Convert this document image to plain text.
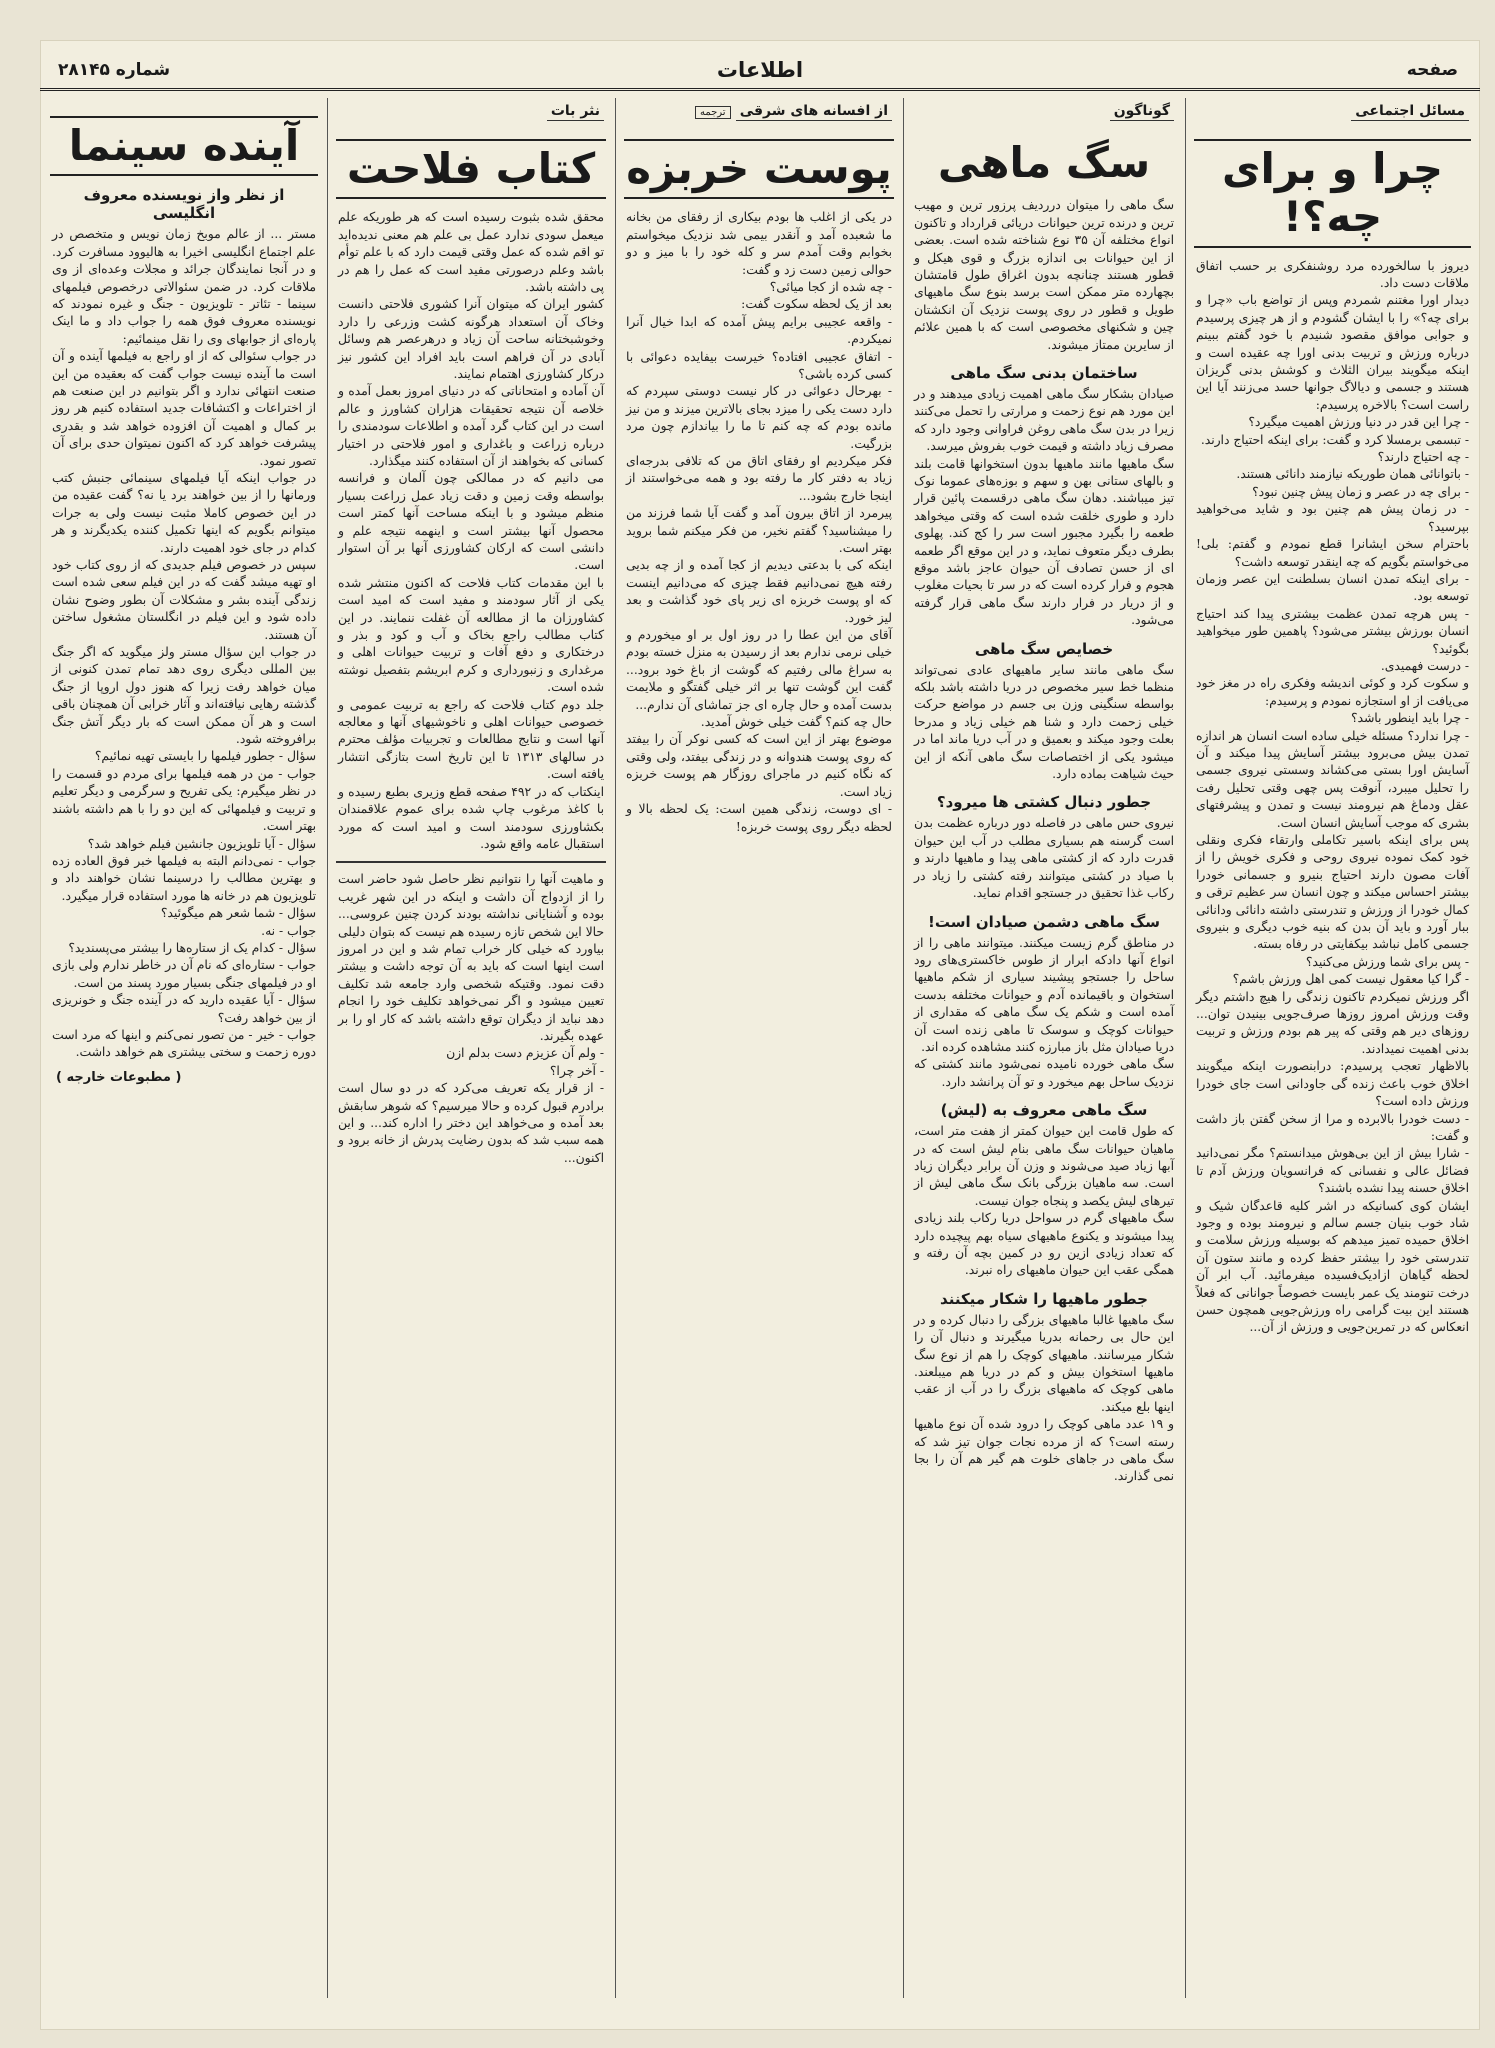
شماره ۲۸۱۴۵	اطلاعات	صفحه
مسائل اجتماعی
چرا و برای چه؟!
دیروز با سالخورده مرد روشنفکری بر حسب اتفاق ملاقات دست داد.
دیدار اورا مغتنم شمردم وپس از تواضع باب «چرا و برای چه؟» را با ایشان گشودم و از هر چیزی پرسیدم و جوابی موافق مقصود شنیدم با خود گفتم ببینم درباره ورزش و تربیت بدنی اورا چه عقیده است و اینکه میگویند بیران الثلاث و کوشش بدنی گریزان هستند و جسمی و دیالاگ جوانها حسد می‌زنند آیا این راست است؟ بالاخره پرسیدم:
- چرا این قدر در دنیا ورزش اهمیت میگیرد؟
- تبسمی برمسلا کرد و گفت: برای اینکه احتیاج دارند.
- چه احتیاج دارند؟
- باتوانائی همان طوریکه نیازمند دانائی هستند.
- برای چه در عصر و زمان پیش چنین نبود؟
- در زمان پیش هم چنین بود و شاید می‌خواهید بپرسید؟
باحترام سخن ایشانرا قطع نمودم و گفتم: بلی! می‌خواستم بگویم که چه اینقدر توسعه داشت؟
- برای اینکه تمدن انسان بسلطنت این عصر وزمان توسعه بود.
- پس هرچه تمدن عظمت بیشتری پیدا کند احتیاج انسان بورزش بیشتر می‌شود؟ پاهمین طور میخواهید بگوئید؟
- درست فهمیدی.
و سکوت کرد و کوئی اندیشه وفکری راه در مغز خود می‌یافت از او استجازه نمودم و پرسیدم:
- چرا باید اینطور باشد؟
- چرا ندارد؟ مسئله خیلی ساده است انسان هر اندازه تمدن بیش می‌برود بیشتر آسایش پیدا میکند و آن آسایش اورا بستی می‌کشاند وسستی نیروی جسمی را تحلیل میبرد، آنوقت پس چهی وقتی تحلیل رفت عقل ودماغ هم نیرومند نیست و تمدن و پیشرفتهای بشری که موجب آسایش انسان است.
پس برای اینکه باسیر تکاملی وارتقاء فکری ونقلی خود کمک نموده نیروی روحی و فکری خویش را از آفات مصون دارند احتیاج بنیرو و جسمانی خودرا بیشتر احساس میکند و چون انسان سر عظیم ترقی و کمال خودرا از ورزش و تندرستی داشته دانائی ودانائی ببار آورد و باید آن بدن که بنیه خوب دیگری و بنیروی جسمی کامل نباشد بیکفایتی در رفاه بسته.
- پس برای شما ورزش می‌کنید؟
- گرا کیا معقول نیست کمی اهل ورزش باشم؟
اگر ورزش نمیکردم تاکنون زندگی را هیچ داشتم دیگر وقت ورزش امروز روزها صرف‌جویی بینیدن توان... روزهای دیر هم وقتی که پیر هم بودم ورزش و تربیت بدنی اهمیت نمیدادند.
بالاظهار تعجب پرسیدم: درابنصورت اینکه میگویند اخلاق خوب باعث زنده گی جاودانی است جای خودرا ورزش داده است؟
- دست خودرا بالابرده و مرا از سخن گفتن باز داشت و گفت:
- شارا بیش از این بی‌هوش میدانستم؟ مگر نمی‌دانید فضائل عالی و نفسانی که فرانسویان ورزش آدم تا اخلاق حسنه پیدا نشده باشند؟
ایشان کوی کسانیکه در اشر کلیه قاعدگان شیک و شاد خوب بنیان جسم سالم و نیرومند بوده و وجود اخلاق حمیده تمیز میدهم که بوسیله ورزش سلامت و تندرستی خود را بیشتر حفظ کرده و مانند ستون آن لحظه گیاهان ازادیک‌فسیده میفرمائید. آب ابر آن درخت تنومند یک عمر بایست خصوصاً جوانانی که فعلاً هستند این بیت گرامی راه ورزش‌جویی همچون حسن انعکاس که در تمرین‌جویی و ورزش از آن...
گوناگون
سگ ماهی
سگ ماهی را میتوان درردیف پرزور ترین و مهیب ترین و درنده ترین حیوانات دریائی قرارداد و تاکنون انواع مختلفه آن ۳۵ نوع شناخته شده است. بعضی از این حیوانات بی اندازه بزرگ و قوی هیکل و قطور هستند چنانچه بدون اغراق طول قامتشان بچهارده متر ممکن است برسد بنوع سگ ماهیهای طویل و قطور در روی پوست نزدیک آن انکشتان چین و شکنهای مخصوصی است که با همین علائم از سایرین ممتاز میشوند.
ساختمان بدنی سگ ماهی
صیادان بشکار سگ ماهی اهمیت زیادی میدهند و در این مورد هم نوع زحمت و مرارتی را تحمل می‌کنند زیرا در بدن سگ ماهی روغن فراوانی وجود دارد که مصرف زیاد داشته و قیمت خوب بفروش میرسد.
سگ ماهیها مانند ماهیها بدون استخوانها قامت بلند و بالهای ستانی بهن و سهم و بوزه‌های عموما نوک تیز میباشند. دهان سگ ماهی درقسمت پائین قرار دارد و طوری خلقت شده است که وقتی میخواهد طعمه را بگیرد مجبور است سر را کج کند. پهلوی بطرف دیگر متعوف نماید، و در این موقع اگر طعمه ای از حسن تصادف آن حیوان عاجز باشد موقع هجوم و فرار کرده است که در سر تا بحیات مغلوب و از دریار در فرار دارند سگ ماهی قرار گرفته می‌شود.
خصایص سگ ماهی
سگ ماهی مانند سایر ماهیهای عادی نمی‌تواند منظما خط سیر مخصوص در دریا داشته باشد بلکه بواسطه سنگینی وزن بی جسم در مواضع حرکت خیلی زحمت دارد و شنا هم خیلی زیاد و مدرحا بعلت وجود میکند و بعمیق و در آب دریا ماند اما در میشود یکی از اختصاصات سگ ماهی آنکه از این حیث شیاهت بماده دارد.
جطور دنبال کشتی ها میرود؟
نیروی حس ماهی در فاصله دور درباره عظمت بدن است گرسنه هم بسیاری مطلب در آب این حیوان قدرت دارد که از کشتی ماهی پیدا و ماهیها دارند و با صیاد در کشتی میتوانند رفته کشتی را زیاد در رکاب غذا تحقیق در جستجو اقدام نماید.
سگ ماهی دشمن صیادان است!
در مناطق گرم زیست میکنند. میتوانند ماهی را از انواع آنها دادکه ابرار از طوس خاکستری‌های رود ساحل را جستجو پیشیند سیاری از شکم ماهیها استخوان و باقیمانده آدم و حیوانات مختلفه بدست آمده است و شکم یک سگ ماهی که مقداری از حیوانات کوچک و سوسک تا ماهی زنده است آن دریا صیادان مثل باز مبارزه کنند مشاهده کرده اند.
سگ ماهی خورده نامیده نمی‌شود مانند کشتی که نزدیک ساحل بهم میخورد و تو آن پرانشد دارد.
سگ ماهی معروف به (لیش)
که طول قامت این حیوان کمتر از هفت متر است، ماهیان حیوانات سگ ماهی بنام لیش است که در آبها زیاد صید می‌شوند و وزن آن برابر دیگران زیاد است. سه ماهیان بزرگی بانک سگ ماهی لیش از تیرهای لیش یکصد و پنجاه جوان نیست.
سگ ماهیهای گرم در سواحل دریا رکاب بلند زیادی پیدا میشوند و یکنوع ماهیهای سیاه بهم پیچیده دارد که تعداد زیادی ازین رو در کمین بچه آن رفته و همگی عقب این حیوان ماهیهای راه نبرند.
جطور ماهیها را شکار میکنند
سگ ماهیها غالبا ماهیهای بزرگی را دنبال کرده و در این حال بی رحمانه بدریا میگیرند و دنبال آن را شکار میرسانند. ماهیهای کوچک را هم از نوع سگ ماهیها استخوان بیش و کم در دریا هم میبلعند. ماهی کوچک که ماهیهای بزرگ را در آب از عقب اینها بلع میکند.
و ۱۹ عدد ماهی کوچک را درود شده آن نوع ماهیها رسته است؟ که از مرده نجات جوان تیز شد که سگ ماهی در جاهای خلوت هم گیر هم آن را بجا نمی گذارند.
از افسانه های شرقی ترجمه
پوست خربزه
در یکی از اغلب ها بودم بیکاری از رفقای من بخانه ما شعبده آمد و آنقدر بیمی شد نزدیک میخواستم بخوابم وقت آمدم سر و کله خود را با میز و دو حوالی زمین دست زد و گفت:
- چه شده از کجا میائی؟
بعد از یک لحظه سکوت گفت:
- واقعه عجیبی برایم پیش آمده که ابدا خیال آنرا نمیکردم.
- اتفاق عجیبی افتاده؟ خیرست بیفایده دعوائی با کسی کرده باشی؟
- بهرحال دعوائی در کار نیست دوستی سپردم که دارد دست یکی را میزد بجای بالاترین میزند و من نیز مانده بودم که چه کنم تا ما را بیاندازم چون مرد بزرگیت.
فکر میکردیم او رفقای اتاق من که تلافی بدرجه‌ای زیاد به دفتر کار ما رفته بود و همه می‌خواستند از اینجا خارج بشود...
پیرمرد از اتاق بیرون آمد و گفت آیا شما فرزند من را میشناسید؟ گفتم نخیر، من فکر میکنم شما بروید بهتر است.
اینکه کی با بدعتی دیدیم از کجا آمده و از چه بدیی رفته هیچ نمی‌دانیم فقط چیزی که می‌دانیم اینست که او پوست خربزه ای زیر پای خود گذاشت و بعد لیز خورد.
آقای من این عطا را در روز اول بر او میخوردم و خیلی نرمی ندارم بعد از رسیدن به منزل خسته بودم به سراغ مالی رفتیم که گوشت از باغ خود برود... گفت این گوشت تنها بر اثر خیلی گفتگو و ملایمت بدست آمده و حال چاره ای جز تماشای آن ندارم...
حال چه کنم؟ گفت خیلی خوش آمدید.
موضوع بهتر از این است که کسی نوکر آن را بیفتد که روی پوست هندوانه و در زندگی بیفتد، ولی وقتی که نگاه کنیم در ماجرای روزگار هم پوست خربزه زیاد است.
- ای دوست، زندگی همین است: یک لحظه بالا و لحظه دیگر روی پوست خربزه!
نثر بات
کتاب فلاحت
محقق شده بثبوت رسیده است که هر طوریکه علم میعمل سودی ندارد عمل بی علم هم معنی ندیده‌اید تو اقم شده که عمل وقتی قیمت دارد که با علم توأم باشد وعلم درصورتی مفید است که عمل را هم در پی داشته باشد.
کشور ایران که میتوان آنرا کشوری فلاحتی دانست وخاک آن استعداد هرگونه کشت وزرعی را دارد وخوشبختانه ساحت آن زیاد و درهرعصر هم وسائل آبادی در آن فراهم است باید افراد این کشور نیز درکار کشاورزی اهتمام نمایند.
آن آماده و امتحاناتی که در دنیای امروز بعمل آمده و خلاصه آن نتیجه تحقیقات هزاران کشاورز و عالم است در این کتاب گرد آمده و اطلاعات سودمندی را درباره زراعت و باغداری و امور فلاحتی در اختیار کسانی که بخواهند از آن استفاده کنند میگذارد.
می دانیم که در ممالکی چون آلمان و فرانسه بواسطه وقت زمین و دقت زیاد عمل زراعت بسیار منظم میشود و با اینکه مساحت آنها کمتر است محصول آنها بیشتر است و اینهمه نتیجه علم و دانشی است که ارکان کشاورزی آنها بر آن استوار است.
با این مقدمات کتاب فلاحت که اکنون منتشر شده یکی از آثار سودمند و مفید است که امید است کشاورزان ما از مطالعه آن غفلت ننمایند. در این کتاب مطالب راجع بخاک و آب و کود و بذر و درختکاری و دفع آفات و تربیت حیوانات اهلی و مرغداری و زنبورداری و کرم ابریشم بتفصیل نوشته شده است.
جلد دوم کتاب فلاحت که راجع به تربیت عمومی و خصوصی حیوانات اهلی و ناخوشیهای آنها و معالجه آنها است و نتایج مطالعات و تجربیات مؤلف محترم در سالهای ۱۳۱۳ تا این تاریخ است بتازگی انتشار یافته است.
اینکتاب که در ۴۹۲ صفحه قطع وزیری بطبع رسیده و با کاغذ مرغوب چاپ شده برای عموم علاقمندان بکشاورزی سودمند است و امید است که مورد استقبال عامه واقع شود.
و ماهیت آنها را نتوانیم نظر حاصل شود حاضر است را از ازدواج آن داشت و اینکه در این شهر غریب بوده و آشنایانی نداشته بودند کردن چنین عروسی... حالا این شخص تازه رسیده هم نیست که بتوان دلیلی بیاورد که خیلی کار خراب تمام شد و این در امروز است اینها است که باید به آن توجه داشت و بیشتر دقت نمود. وقتیکه شخصی وارد جامعه شد تکلیف تعیین میشود و اگر نمی‌خواهد تکلیف خود را انجام دهد نباید از دیگران توقع داشته باشد که کار او را بر عهده بگیرند.
- ولم آن عزیزم دست بدلم ازن
- آخر چرا؟
- از قرار یکه تعریف می‌کرد که در دو سال است برادرم قبول کرده و حالا میرسیم؟ که شوهر سابقش بعد آمده و می‌خواهد این دختر را اداره کند... و این همه سبب شد که بدون رضایت پدرش از خانه برود و اکنون...
آینده سینما
از نظر واز نویسنده معروف انگلیسی
مستر ... از عالم موبخ زمان نویس و متخصص در علم اجتماع انگلیسی اخیرا به هالیوود مسافرت کرد. و در آنجا نمایندگان جرائد و مجلات وعده‌ای از وی ملاقات کرد. در ضمن سئوالاتی درخصوص فیلمهای سینما - تئاتر - تلویزیون - جنگ و غیره نمودند که نویسنده معروف فوق همه را جواب داد و ما اینک پاره‌ای از جوابهای وی را نقل مینمائیم:
در جواب سئوالی که از او راجع به فیلمها آینده و آن است ما آینده نیست جواب گفت که بعقیده من این صنعت انتهائی ندارد و اگر بتوانیم در این صنعت هم از اختراعات و اکتشافات جدید استفاده کنیم هر روز بر کمال و اهمیت آن افزوده خواهد شد و بقدری پیشرفت خواهد کرد که اکنون نمیتوان حدی برای آن تصور نمود.
در جواب اینکه آیا فیلمهای سینمائی جنبش کتب ورمانها را از بین خواهند برد یا نه؟ گفت عقیده من در این خصوص کاملا مثبت نیست ولی به جرات میتوانم بگویم که اینها تکمیل کننده یکدیگرند و هر کدام در جای خود اهمیت دارند.
سپس در خصوص فیلم جدیدی که از روی کتاب خود او تهیه میشد گفت که در این فیلم سعی شده است زندگی آینده بشر و مشکلات آن بطور وضوح نشان داده شود و این فیلم در انگلستان مشغول ساختن آن هستند.
در جواب این سؤال مستر ولز میگوید که اگر جنگ بین المللی دیگری روی دهد تمام تمدن کنونی از میان خواهد رفت زیرا که هنوز دول اروپا از جنگ گذشته رهایی نیافته‌اند و آثار خرابی آن همچنان باقی است و هر آن ممکن است که بار دیگر آتش جنگ برافروخته شود.
سؤال - جطور فیلمها را بایستی تهیه نمائیم؟
جواب - من در همه فیلمها برای مردم دو قسمت را در نظر میگیرم: یکی تفریح و سرگرمی و دیگر تعلیم و تربیت و فیلمهائی که این دو را با هم داشته باشند بهتر است.
سؤال - آیا تلویزیون جانشین فیلم خواهد شد؟
جواب - نمی‌دانم البته به فیلمها خبر فوق العاده زده و بهترین مطالب را درسینما نشان خواهند داد و تلویزیون هم در خانه ها مورد استفاده قرار میگیرد.
سؤال - شما شعر هم میگوئید؟
جواب - نه.
سؤال - کدام یک از ستاره‌ها را بیشتر می‌پسندید؟
جواب - ستاره‌ای که نام آن در خاطر ندارم ولی بازی او در فیلمهای جنگی بسیار مورد پسند من است.
سؤال - آیا عقیده دارید که در آینده جنگ و خونریزی از بین خواهد رفت؟
جواب - خیر - من تصور نمی‌کنم و اینها که مرد است دوره زحمت و سختی بیشتری هم خواهد داشت.
( مطبوعات خارجه )
